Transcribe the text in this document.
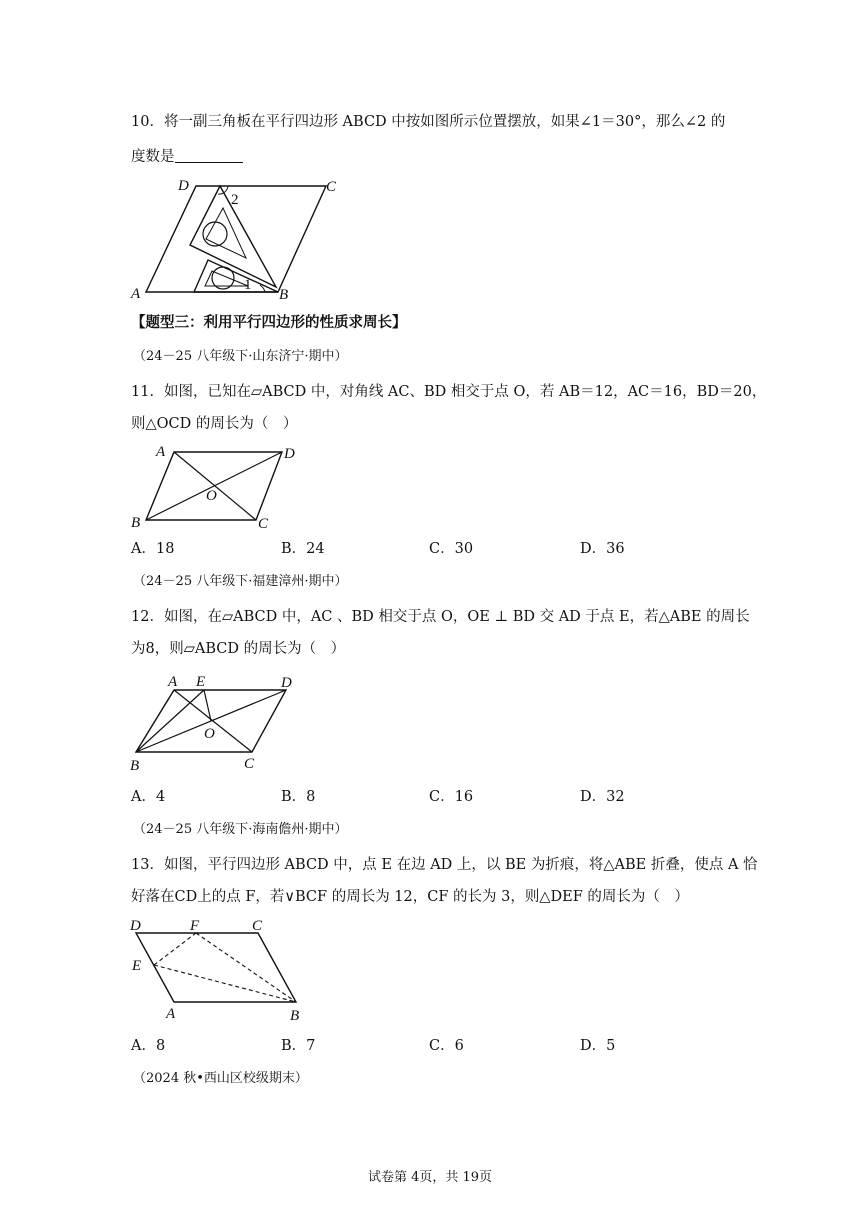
10．将一副三角板在平行四边形 ABCD 中按如图所示位置摆放，如果∠1＝30°，那么∠2 的
度数是
D	C
A	B
2
1
【题型三：利用平行四边形的性质求周长】
（24－25 八年级下·山东济宁·期中）
11．如图，已知在▱ABCD 中，对角线 AC、BD 相交于点 O，若 AB＝12，AC＝16，BD＝20，
则△OCD 的周长为（　）
A	D
O
B	C
A．18	B．24	C．30	D．36
（24－25 八年级下·福建漳州·期中）
12．如图，在▱ABCD 中，AC 、BD 相交于点 O，OE ⊥ BD 交 AD 于点 E，若△ABE 的周长
为8，则▱ABCD 的周长为（　）
A E	D
O
B	C
A．4	B．8	C．16	D．32
（24－25 八年级下·海南儋州·期中）
13．如图，平行四边形 ABCD 中，点 E 在边 AD 上，以 BE 为折痕，将△ABE 折叠，使点 A 恰
好落在CD上的点 F，若∨BCF 的周长为 12，CF 的长为 3，则△DEF 的周长为（　）
D	F	C
E
A	B
A．8	B．7	C．6	D．5
（2024 秋•西山区校级期末）
试卷第 4页，共 19页
